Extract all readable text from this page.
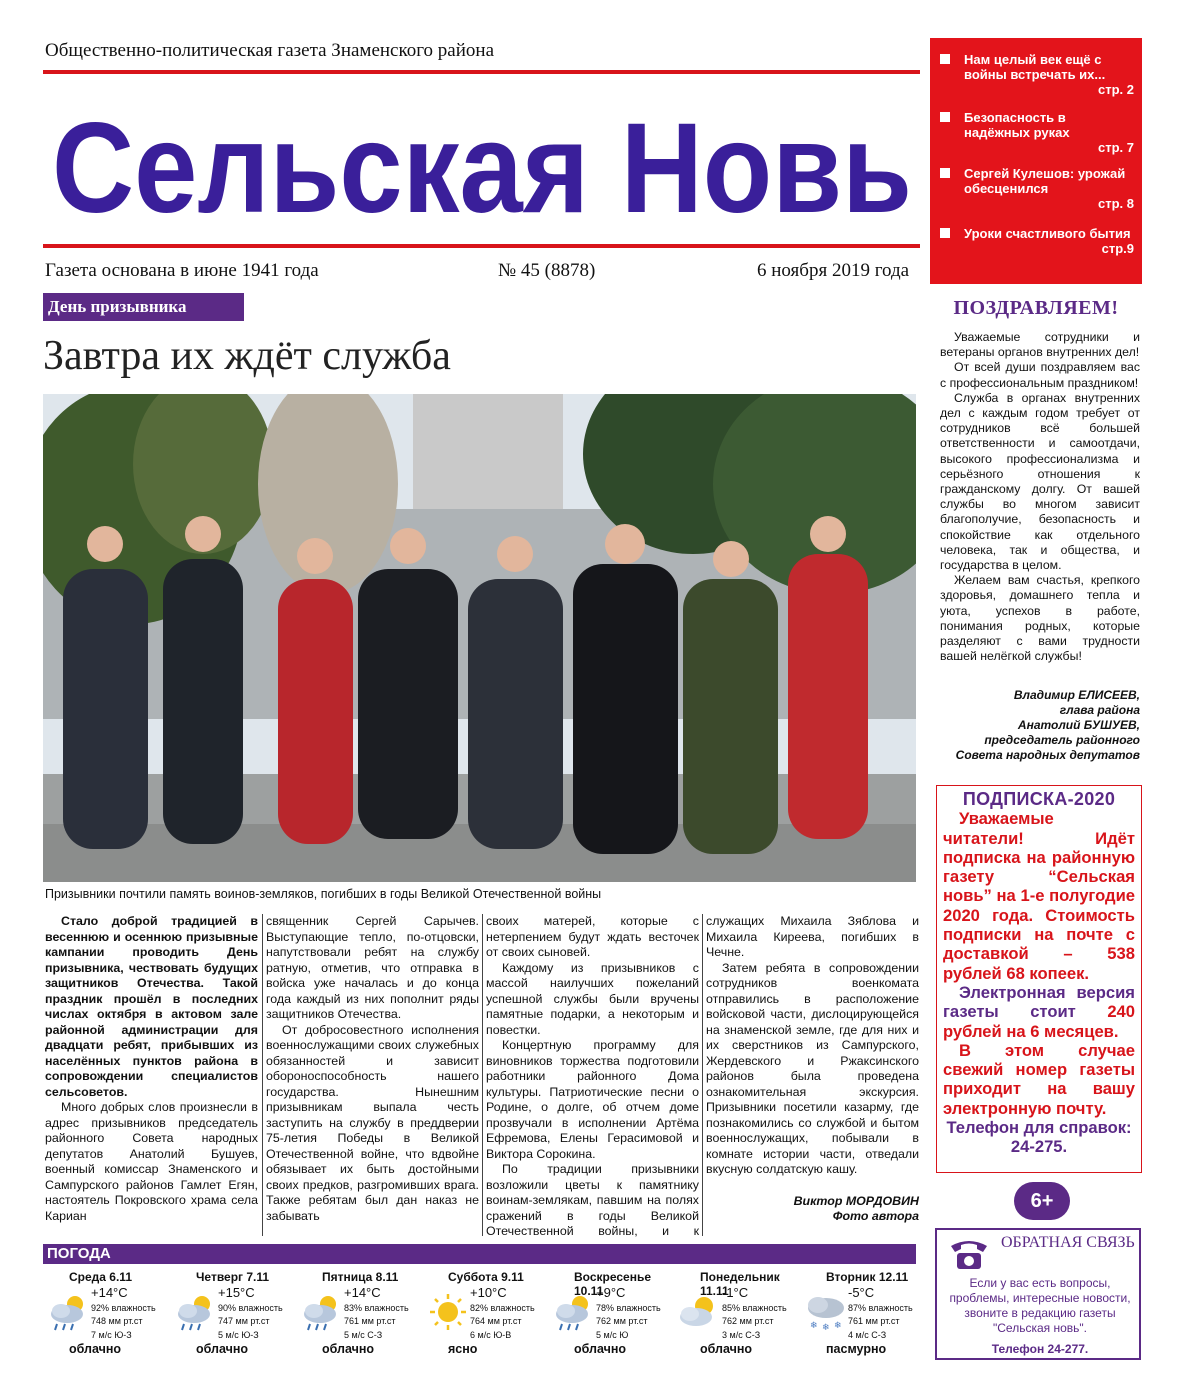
Общественно-политическая газета Знаменского района
Сельская Новь
Газета основана в июне 1941 года	№ 45 (8878)	6 ноября 2019 года
Нам целый век ещё с войны встречать их...
стр. 2
Безопасность в надёжных руках
стр. 7
Сергей Кулешов: урожай обесценился
стр. 8
Уроки счастливого бытия
стр.9
День призывника
Завтра их ждёт служба
Призывники почтили память воинов-земляков, погибших в годы Великой Отечественной войны

Стало доброй традицией в весеннюю и осеннюю призывные кампании проводить День призывника, чествовать будущих защитников Отечества. Такой праздник прошёл в последних числах октября в актовом зале районной администрации для двадцати ребят, прибывших из населённых пунктов района в сопровождении специалистов сельсоветов.

Много добрых слов произнесли в адрес призывников председатель районного Совета народных депутатов Анатолий Бушуев, военный комиссар Знаменского и Сампурского районов Гамлет Егян, настоятель Покровского храма села Кариан

священник Сергей Сарычев. Выступающие тепло, по-отцовски, напутствовали ребят на службу ратную, отметив, что отправка в войска уже началась и до конца года каждый из них пополнит ряды защитников Отечества.

От добросовестного исполнения военнослужащими своих служебных обязанностей и зависит обороноспособность нашего государства. Нынешним призывникам выпала честь заступить на службу в преддверии 75-летия Победы в Великой Отечественной войне, что вдвойне обязывает их быть достойными своих предков, разгромивших врага. Также ребятам был дан наказ не забывать

своих матерей, которые с нетерпением будут ждать весточек от своих сыновей.

Каждому из призывников с массой наилучших пожеланий успешной службы были вручены памятные подарки, а некоторым и повестки.

Концертную программу для виновников торжества подготовили работники районного Дома культуры. Патриотические песни о Родине, о долге, об отчем доме прозвучали в исполнении Артёма Ефремова, Елены Герасимовой и Виктора Сорокина.

По традиции призывники возложили цветы к памятнику воинам-землякам, павшим на полях сражений в годы Великой Отечественной войны, и к

служащих Михаила Зяблова и Михаила Киреева, погибших в Чечне.

Затем ребята в сопровождении сотрудников военкомата отправились в расположение войсковой части, дислоцирующейся на знаменской земле, где для них и их сверстников из Сампурского, Жердевского и Ржаксинского районов была проведена ознакомительная экскурсия. Призывники посетили казарму, где познакомились со службой и бытом военнослужащих, побывали в комнате истории части, отведали вкусную солдатскую кашу.

Виктор МОРДОВИН

Фото автора

ПОЗДРАВЛЯЕМ!

Уважаемые сотрудники и ветераны органов внутренних дел!

От всей души поздравляем вас с профессиональным праздником!

Служба в органах внутренних дел с каждым годом требует от сотрудников всё большей ответственности и самоотдачи, высокого профессионализма и серьёзного отношения к гражданскому долгу. От вашей службы во многом зависит благополучие, безопасность и спокойствие как отдельного человека, так и общества, и государства в целом.

Желаем вам счастья, крепкого здоровья, домашнего тепла и уюта, успехов в работе, понимания родных, которые разделяют с вами трудности вашей нелёгкой службы!

Владимир ЕЛИСЕЕВ,
глава района
Анатолий БУШУЕВ,
председатель районного Совета народных депутатов
ПОДПИСКА-2020

Уважаемые читатели! Идёт подписка на районную газету “Сельская новь” на 1-е полугодие 2020 года. Стоимость подписки на почте с доставкой – 538 рублей 68 копеек.

Электронная версия газеты стоит 240 рублей на 6 месяцев.

В этом случае свежий номер газеты приходит на вашу электронную почту.

Телефон для справок: 24-275.

6+
ОБРАТНАЯ СВЯЗЬ
Если у вас есть вопросы, проблемы, интересные новости, звоните в редакцию газеты "Сельская новь".
Телефон 24-277.
ПОГОДА
Среда 6.11
+14°С
92% влажность
748 мм рт.ст
7 м/с Ю-З
облачно
Четверг 7.11
+15°С
90% влажность
747 мм рт.ст
5 м/с Ю-З
облачно
Пятница 8.11
+14°С
83% влажность
761 мм рт.ст
5 м/с С-З
облачно
Суббота 9.11
+10°С
82% влажность
764 мм рт.ст
6 м/с Ю-В
ясно
Воскресенье 10.11
+9°С
78% влажность
762 мм рт.ст
5 м/с Ю
облачно
Понедельник 11.11
-1°С
85% влажность
762 мм рт.ст
3 м/с С-З
облачно
❄ ❄ ❄
Вторник 12.11
-5°С
87% влажность
761 мм рт.ст
4 м/с С-З
пасмурно
